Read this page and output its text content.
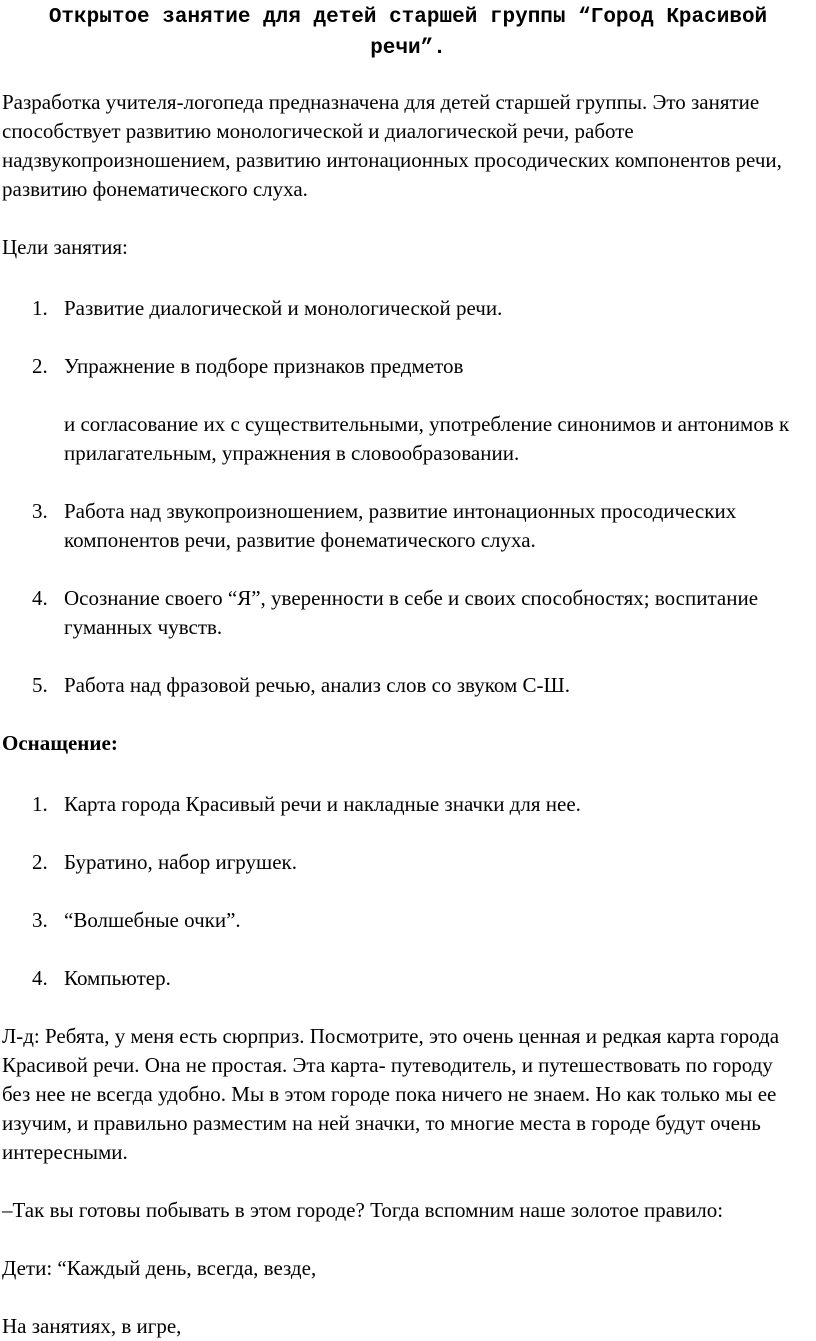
Открытое занятие для детей старшей группы “Город Красивой речи”.

Разработка учителя-логопеда предназначена для детей старшей группы. Это занятие способствует развитию монологической и диалогической речи, работе надзвукопроизношением, развитию интонационных просодических компонентов речи, развитию фонематического слуха.

Цели занятия:

1. Развитие диалогической и монологической речи.
2. Упражнение в подборе признаков предметов
и согласование их с существительными, употребление синонимов и антонимов к прилагательным, упражнения в словообразовании.
3. Работа над звукопроизношением, развитие интонационных просодических компонентов речи, развитие фонематического слуха.
4. Осознание своего “Я”, уверенности в себе и своих способностях; воспитание гуманных чувств.
5. Работа над фразовой речью, анализ слов со звуком С-Ш.

Оснащение:

1. Карта города Красивый речи и накладные значки для нее.
2. Буратино, набор игрушек.
3. “Волшебные очки”.
4. Компьютер.

Л-д: Ребята, у меня есть сюрприз. Посмотрите, это очень ценная и редкая карта города Красивой речи. Она не простая. Эта карта- путеводитель, и путешествовать по городу без нее не всегда удобно. Мы в этом городе пока ничего не знаем. Но как только мы ее изучим, и правильно разместим на ней значки, то многие места в городе будут очень интересными.

–Так вы готовы побывать в этом городе? Тогда вспомним наше золотое правило:

Дети: “Каждый день, всегда, везде,

На занятиях, в игре,
